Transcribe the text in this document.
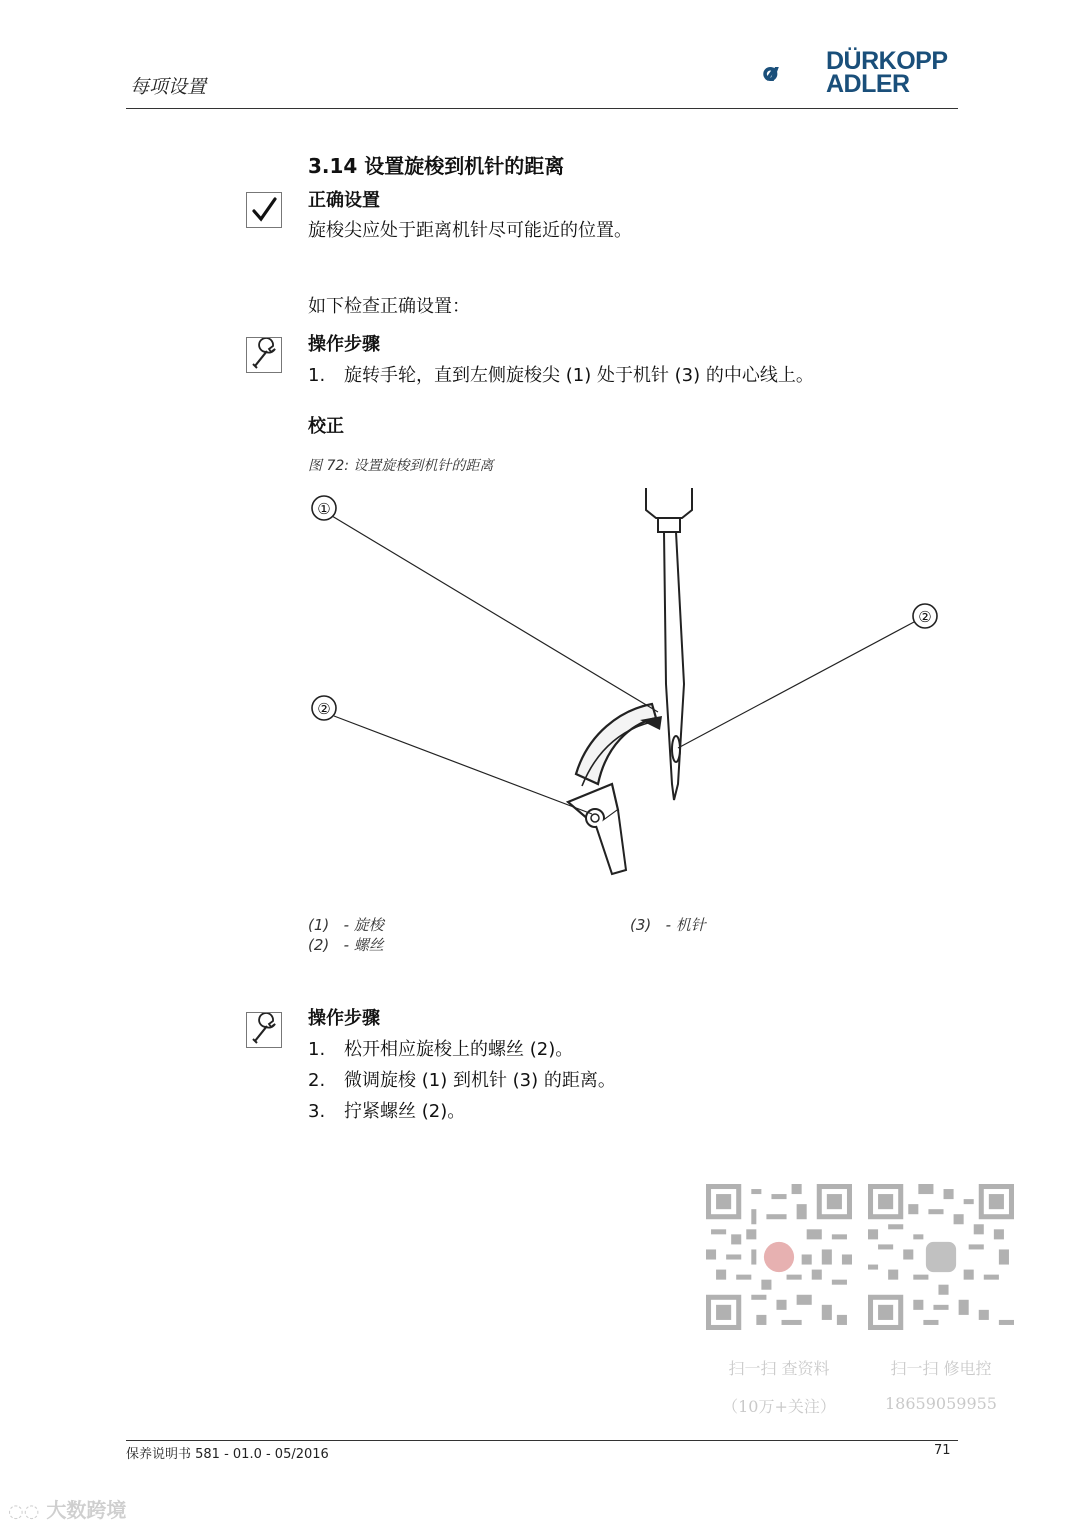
每项设置
DÜRKOPP
ADLER
3.14 设置旋梭到机针的距离
正确设置
旋梭尖应处于距离机针尽可能近的位置。
如下检查正确设置：
操作步骤
1. 旋转手轮，直到左侧旋梭尖 (1) 处于机针 (3) 的中心线上。
校正
图 72: 设置旋梭到机针的距离
①
②
②
(1) - 旋梭
(2) - 螺丝
(3) - 机针
操作步骤
1. 松开相应旋梭上的螺丝 (2)。
2. 微调旋梭 (1) 到机针 (3) 的距离。
3. 拧紧螺丝 (2)。
扫一扫 查资料
（10万+关注）
扫一扫 修电控
18659059955
保养说明书 581 - 01.0 - 05/2016	71
◌◌ 大数跨境
